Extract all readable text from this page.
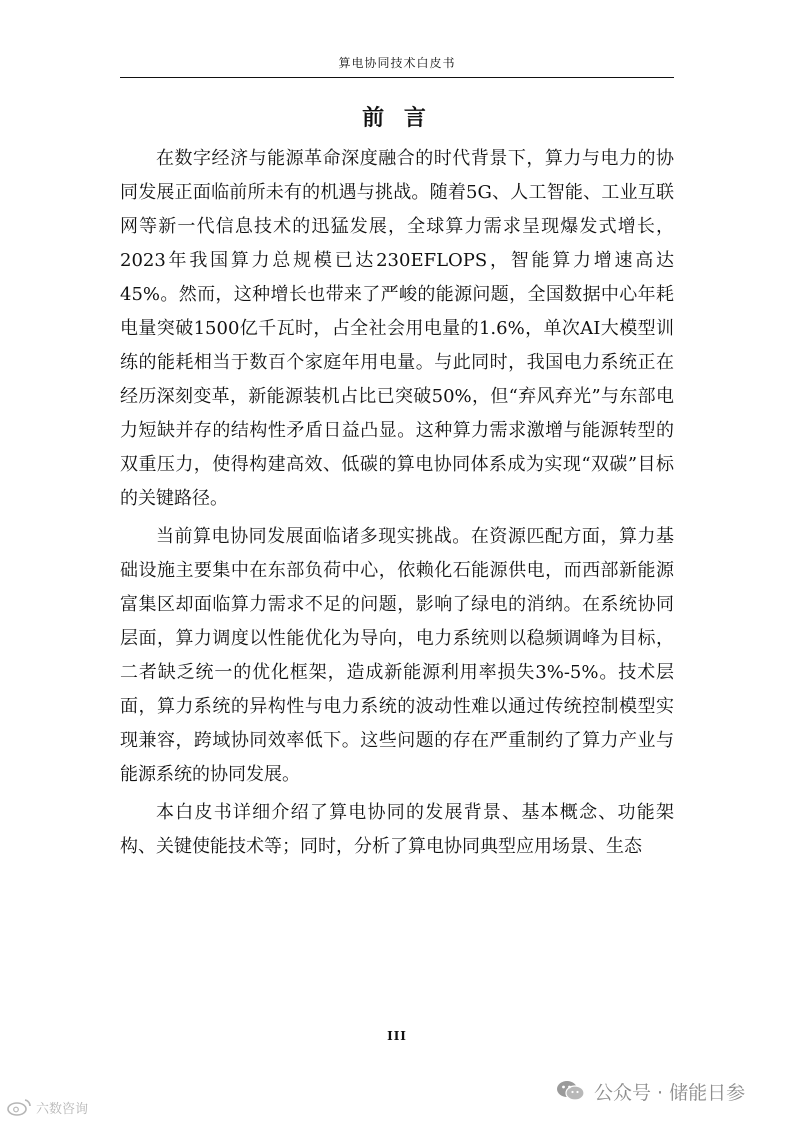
算电协同技术白皮书
前 言

在数字经济与能源革命深度融合的时代背景下，算力与电力的协同发展正面临前所未有的机遇与挑战。随着5G、人工智能、工业互联网等新一代信息技术的迅猛发展，全球算力需求呈现爆发式增长，2023年我国算力总规模已达230EFLOPS，智能算力增速高达45%。然而，这种增长也带来了严峻的能源问题，全国数据中心年耗电量突破1500亿千瓦时，占全社会用电量的1.6%，单次AI大模型训练的能耗相当于数百个家庭年用电量。与此同时，我国电力系统正在经历深刻变革，新能源装机占比已突破50%，但“弃风弃光”与东部电力短缺并存的结构性矛盾日益凸显。这种算力需求激增与能源转型的双重压力，使得构建高效、低碳的算电协同体系成为实现“双碳”目标的关键路径。

当前算电协同发展面临诸多现实挑战。在资源匹配方面，算力基础设施主要集中在东部负荷中心，依赖化石能源供电，而西部新能源富集区却面临算力需求不足的问题，影响了绿电的消纳。在系统协同层面，算力调度以性能优化为导向，电力系统则以稳频调峰为目标，二者缺乏统一的优化框架，造成新能源利用率损失3%-5%。技术层面，算力系统的异构性与电力系统的波动性难以通过传统控制模型实现兼容，跨域协同效率低下。这些问题的存在严重制约了算力产业与能源系统的协同发展。

本白皮书详细介绍了算电协同的发展背景、基本概念、功能架构、关键使能技术等；同时，分析了算电协同典型应用场景、生态

III
公众号 · 储能日参
六数咨询
